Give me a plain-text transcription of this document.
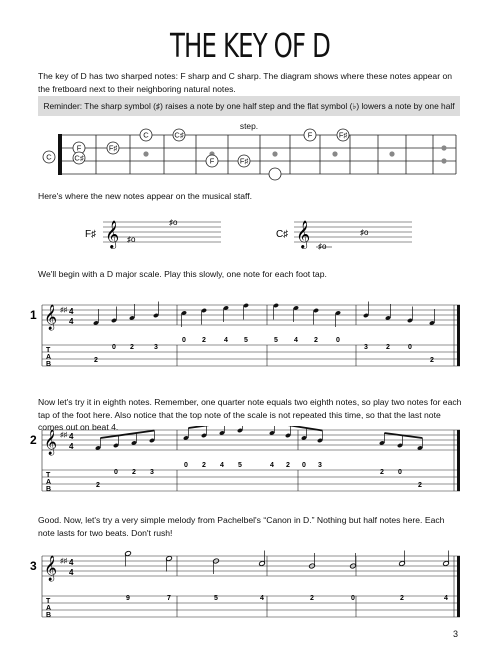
THE KEY OF D
The key of D has two sharped notes: F sharp and C sharp. The diagram shows where these notes appear on the fretboard next to their neighboring natural notes.
Reminder: The sharp symbol (♯) raises a note by one half step and the flat symbol (♭) lowers a note by one half step.
C
F
C♯
F♯
C	C♯
F	F♯
F	F♯
Here's where the new notes appear on the musical staff.
F♯ 𝄞 ♯o
♯o
C♯ 𝄞 ♯o
♯o
We'll begin with a D major scale. Play this slowly, one note for each foot tap.
1 𝄞 ♯♯ 4
4
T
A
B
2
0 2	3
0 2	4 5	5 4 2	0
3	2	0
2
Now let's try it in eighth notes. Remember, one quarter note equals two eighth notes, so play two notes for each tap of the foot here. Also notice that the top note of the scale is not repeated this time, so that the last note comes out on beat 4.
2 𝄞 ♯♯ 4
4
T
A
B
2
0 2 3
0 2 4 5	4 2 0 3
2 0
2
Good. Now, let's try a very simple melody from Pachelbel's “Canon in D.” Nothing but half notes here. Each note lasts for two beats. Don't rush!
3 𝄞 ♯♯ 4
4
T
A
B
9	7	5	4	2	0	2	4
3
